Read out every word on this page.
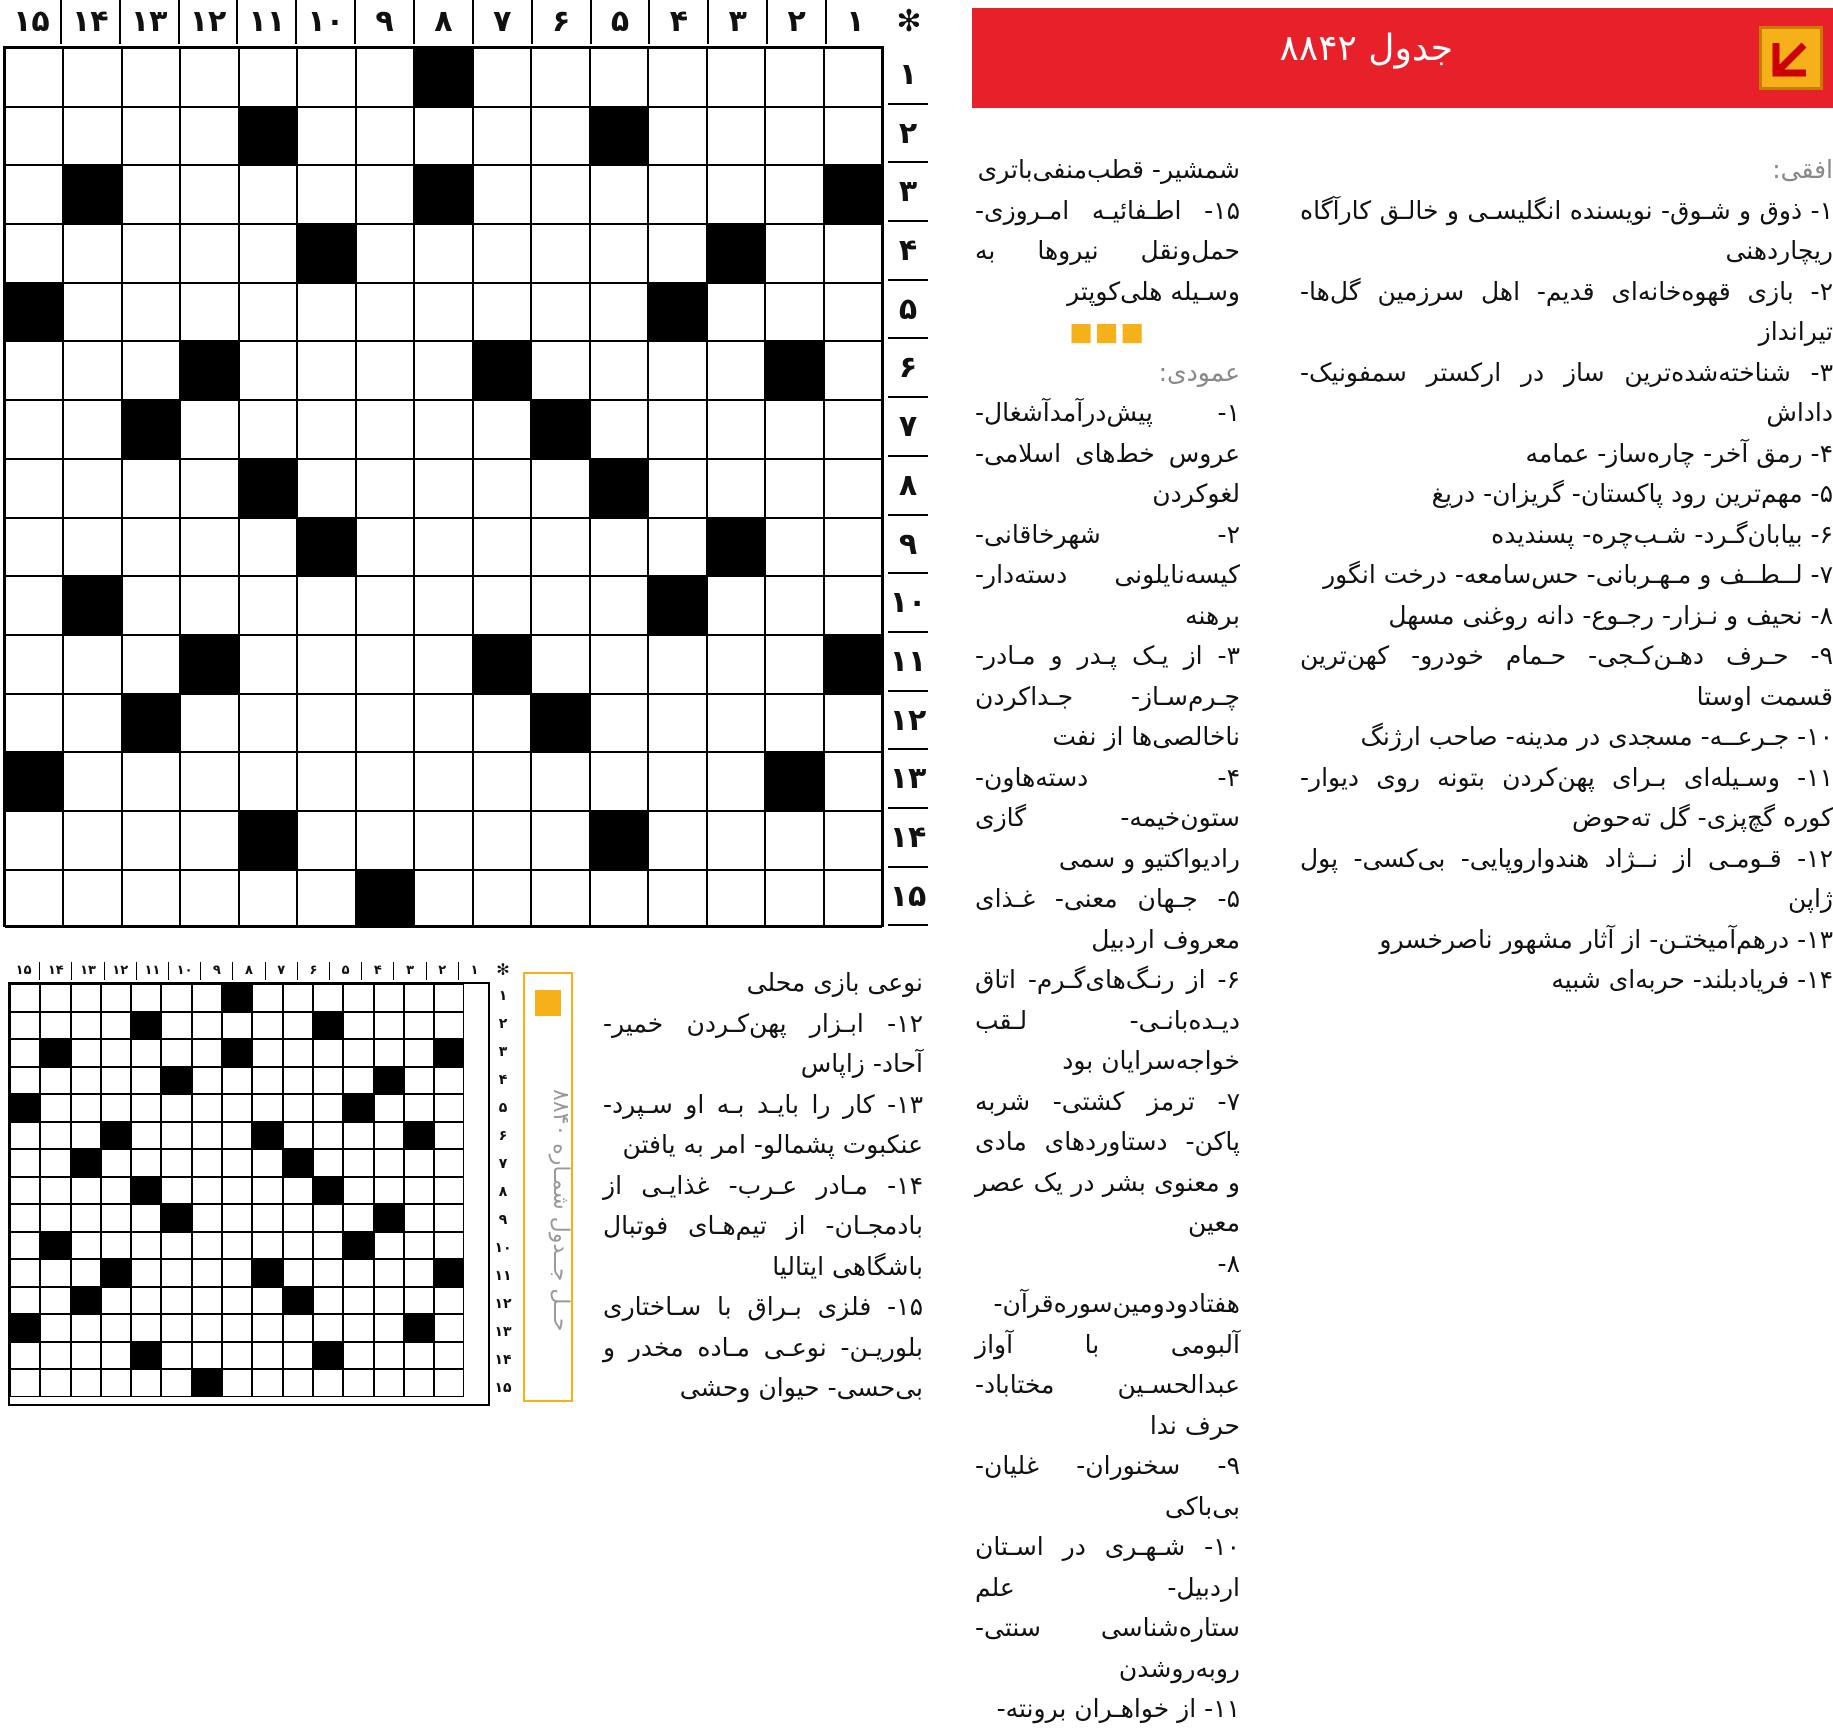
جدول ۸۸۴۲
۱۵ ۱۴ ۱۳ ۱۲ ۱۱ ۱۰	۹	۸	۷	۶	۵	۴	۳	۲	۱	✻
۱
۲
۳
۴
۵
۶
۷
۸
۹
۱۰
۱۱
۱۲
۱۳
۱۴
۱۵
افقی:
۱- ذوق و شـوق- نویسنده انگلیسـی و خالـق کارآگاه ریچاردهنی
۲- بازی قهوه‌خانه‌ای قدیم- اهل سرزمین گل‌ها- تیرانداز
۳- شناخته‌شده‌ترین ساز در ارکستر سمفونیک- داداش
۴- رمق آخر- چاره‌ساز- عمامه
۵- مهم‌ترین رود پاکستان- گریزان- دریغ
۶- بیابان‌گـرد- شـب‌چره- پسندیده
۷- لــطــف و مـهـربانی- حس‌سامعه- درخت انگور
۸- نحیف و نـزار- رجـوع- دانه روغنی مسهل
۹- حـرف دهـن‌کـجی- حـمام خودرو- کهن‌ترین قسمت اوستا
۱۰- جـرعــه- مسجدی در مدینه- صاحب ارژنگ
۱۱- وسـیله‌ای بـرای پهن‌کردن بتونه روی دیوار- کوره گچ‌پزی- گل ته‌حوض
۱۲- قـومـی از نــژاد هندواروپایی- بی‌کسی- پول ژاپن
۱۳- درهم‌آمیختـن- از آثار مشهور ناصرخسرو
۱۴- فریادبلند- حربه‌ای شبیه
شمشیر- قطب‌منفی‌باتری
۱۵- اطـفائیـه امـروزی- حمل‌ونقل نیروها به وسـیله هلی‌کوپتر
■■■
عمودی:
۱- پیش‌درآمد‌آشغال- عروس خط‌های اسلامی- لغوکردن
۲- شهرخاقانی- کیسه‌نایلونی دسته‌دار- برهنه
۳- از یـک پـدر و مـادر- چـرم‌سـاز- جـداکردن ناخالصی‌ها از نفت
۴- دسته‌هاون- ستون‌خیمه- گازی رادیواکتیو و سمی
۵- جـهان معنی- غـذای معروف اردبیل
۶- از رنـگ‌های‌گـرم- اتاق دیـده‌بانـی- لـقب خواجه‌سرایان بود
۷- ترمز کشتی- شربه پاکن- دستاوردهای مادی و معنوی بشر در یک عصر معین
۸- هفتادودومین‌سوره‌قرآن- آلبومی با آواز عبدالحسـین مختاباد- حرف ندا
۹- سخنوران- غلیان- بی‌باکی
۱۰- شـهـری در اسـتان اردبیل- علم ستاره‌شناسی سنتی- روبه‌روشدن
۱۱- از خواهـران برونته-
نوعی بازی محلی
۱۲- ابـزار پهن‌کـردن خمیر- آحاد- زاپاس
۱۳- کار را بایـد بـه او سـپرد- عنکبوت پشمالو- امر به یافتن
۱۴- مـادر عـرب- غذایـی از بادمجـان- از تیم‌هـای فوتبال باشگاهی ایتالیا
۱۵- فلزی بـراق با سـاختاری بلوریـن- نوعـی مـاده مخدر و بی‌حسی- حیوان وحشی
حــل جــدول شمـاره ۸۸۴۰
۱۵	۱۴	۱۳	۱۲	۱۱	۱۰	۹	۸	۷	۶	۵	۴	۳	۲	۱	✻
۱
۲
۳
۴
۵
۶
۷
۸
۹
۱۰
۱۱
۱۲
۱۳
۱۴
۱۵
